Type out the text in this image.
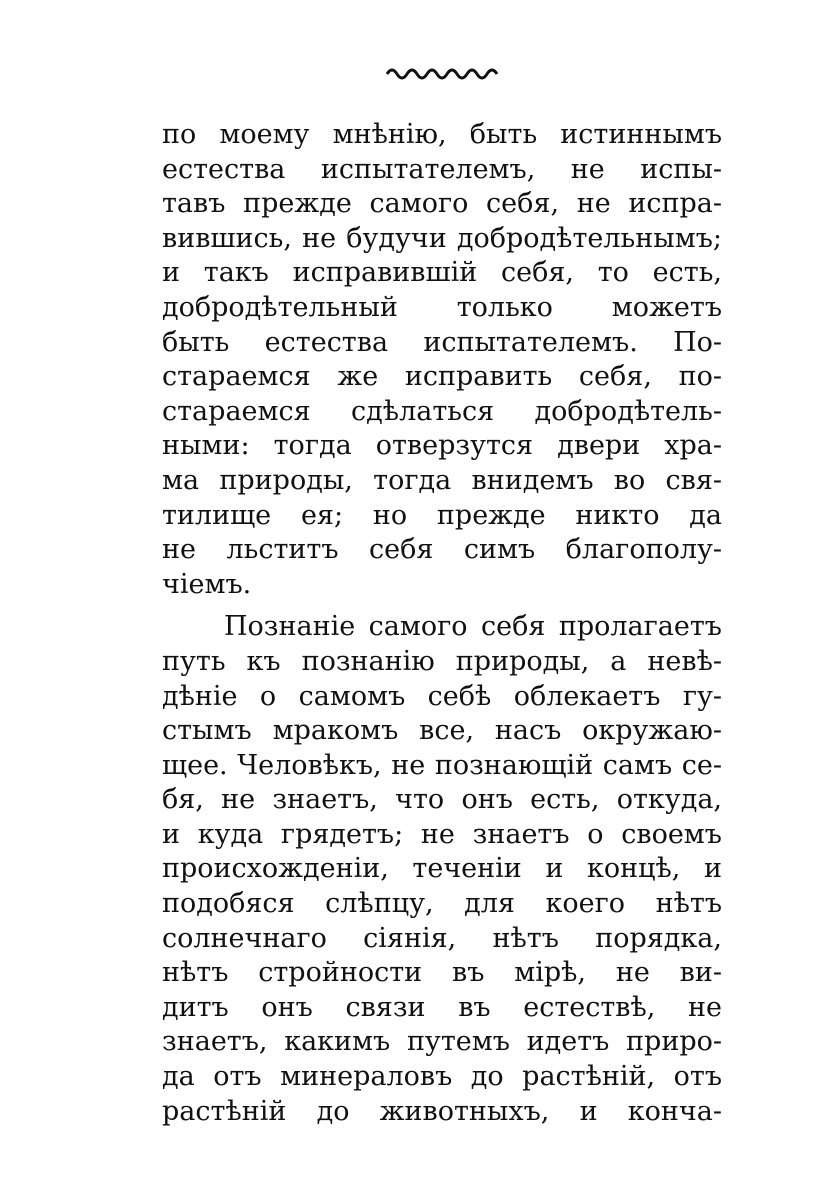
по моему мнѣнію, быть истиннымъ
естества испытателемъ, не испы-
тавъ прежде самого себя, не испра-
вившись, не будучи добродѣтельнымъ;
и такъ исправившій себя, то есть,
добродѣтельный только можетъ
быть естества испытателемъ. По-
стараемся же исправить себя, по-
стараемся сдѣлаться добродѣтель-
ными: тогда отверзутся двери хра-
ма природы, тогда внидемъ во свя-
тилище ея; но прежде никто да
не льститъ себя симъ благополу-
чіемъ.
Познаніе самого себя пролагаетъ
путь къ познанію природы, а невѣ-
дѣніе о самомъ себѣ облекаетъ гу-
стымъ мракомъ все, насъ окружаю-
щее. Человѣкъ, не познающій самъ се-
бя, не знаетъ, что онъ есть, откуда,
и куда грядетъ; не знаетъ о своемъ
происхожденіи, теченіи и концѣ, и
подобяся слѣпцу, для коего нѣтъ
солнечнаго сіянія, нѣтъ порядка,
нѣтъ стройности въ мірѣ, не ви-
дитъ онъ связи въ естествѣ, не
знаетъ, какимъ путемъ идетъ приро-
да отъ минераловъ до растѣній, отъ
растѣній до животныхъ, и конча-
